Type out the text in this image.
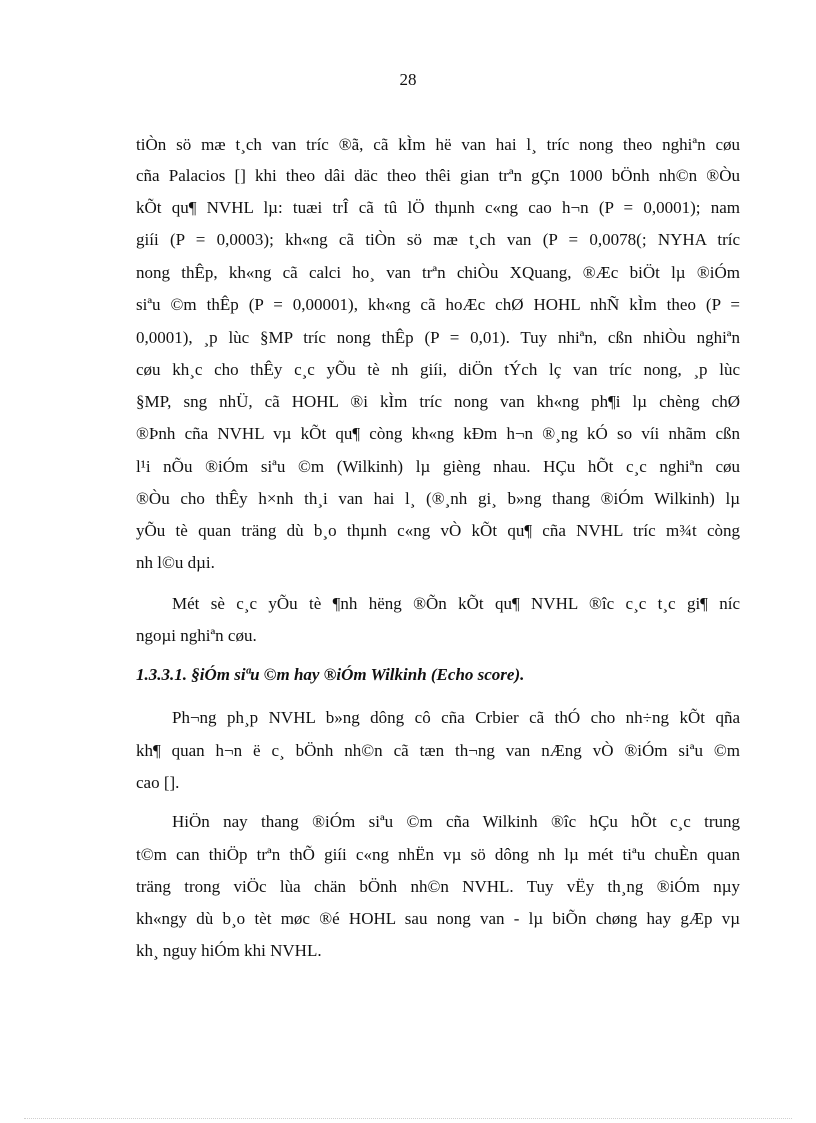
28
tiÒn sö mæ t¸ch van tríc ®ã, cã kÌm hë van hai l¸ tríc nong theo nghiªn cøu
cña Palacios [] khi theo dâi däc theo thêi gian trªn gÇn 1000 bÖnh nh©n ®Òu
kÕt qu¶ NVHL lµ: tuæi trÎ cã tû lÖ thµnh c«ng cao h¬n (P = 0,0001); nam
giíi (P = 0,0003); kh«ng cã tiÒn sö mæ t¸ch van (P = 0,0078(; NYHA tríc
nong thÊp, kh«ng cã calci ho¸ van trªn chiÒu XQuang, ®Æc biÖt lµ ®iÓm
siªu ©m thÊp (P = 0,00001), kh«ng cã hoÆc chØ HOHL nhÑ kÌm theo (P =
0,0001), ¸p lùc §MP tríc nong thÊp (P = 0,01). Tuy nhiªn, cßn nhiÒu nghiªn
cøu kh¸c cho thÊy c¸c yÕu tè nh giíi, diÖn tÝch lç van tríc nong, ¸p lùc
§MP, sng nhÜ, cã HOHL ®i kÌm tríc nong van kh«ng ph¶i lµ chèng chØ
®Þnh cña NVHL vµ kÕt qu¶ còng kh«ng kÐm h¬n ®¸ng kÓ so víi nhãm cßn
l¹i nÕu ®iÓm siªu ©m (Wilkinh) lµ gièng nhau. HÇu hÕt c¸c nghiªn cøu
®Òu cho thÊy h×nh th¸i van hai l¸ (®¸nh gi¸ b»ng thang ®iÓm Wilkinh) lµ
yÕu tè quan träng dù b¸o thµnh c«ng vÒ kÕt qu¶ cña NVHL tríc m¾t còng
nh l©u dµi.
Mét sè c¸c yÕu tè ¶nh hëng ®Õn kÕt qu¶ NVHL ®îc c¸c t¸c gi¶ níc
ngoµi nghiªn cøu.
1.3.3.1. §iÓm siªu ©m hay ®iÓm Wilkinh (Echo score).
Ph¬ng ph¸p NVHL b»ng dông cô cña Crbier cã thÓ cho nh÷ng kÕt qña
kh¶ quan h¬n ë c¸ bÖnh nh©n cã tæn th¬ng van nÆng vÒ ®iÓm siªu ©m
cao [].
HiÖn nay thang ®iÓm siªu ©m cña Wilkinh ®îc hÇu hÕt c¸c trung
t©m can thiÖp trªn thÕ giíi c«ng nhËn vµ sö dông nh lµ mét tiªu chuÈn quan
träng trong viÖc lùa chän bÖnh nh©n NVHL. Tuy vËy th¸ng ®iÓm nµy
kh«ngy dù b¸o tèt møc ®é HOHL sau nong van - lµ biÕn chøng hay gÆp vµ
kh¸ nguy hiÓm khi NVHL.
